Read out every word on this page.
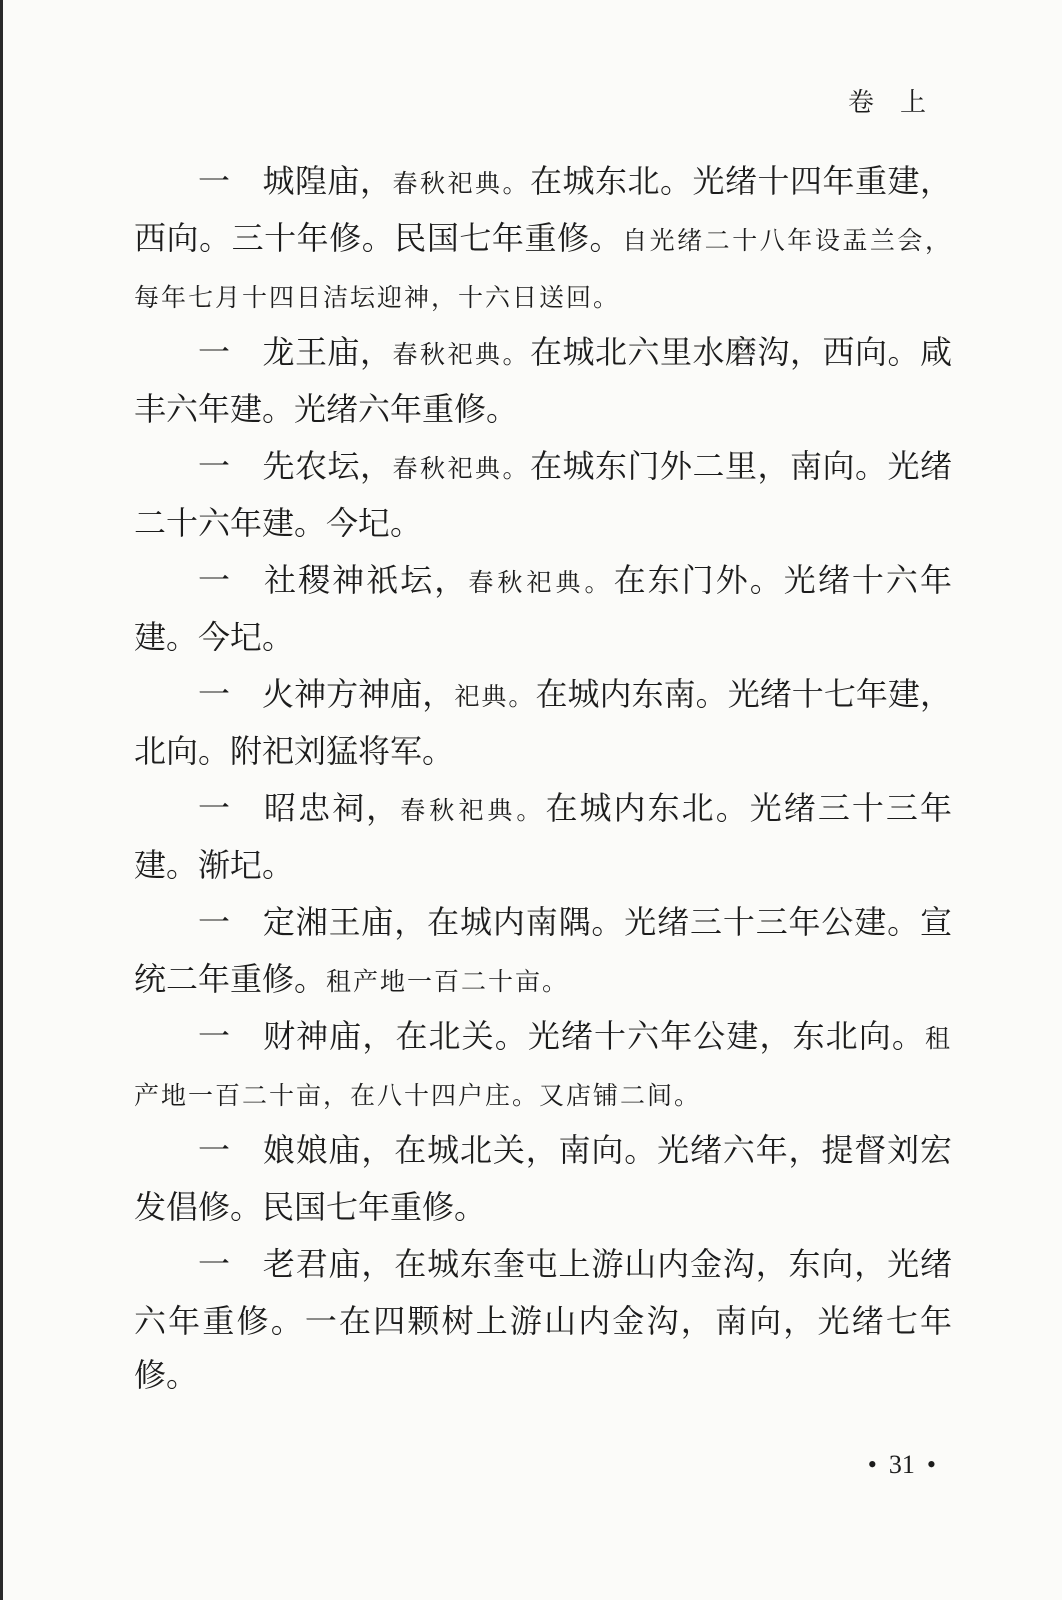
卷上

一 城隍庙，春秋祀典。在城东北。光绪十四年重建，西向。三十年修。民国七年重修。自光绪二十八年设盂兰会，每年七月十四日洁坛迎神，十六日送回。

一 龙王庙，春秋祀典。在城北六里水磨沟，西向。咸丰六年建。光绪六年重修。

一 先农坛，春秋祀典。在城东门外二里，南向。光绪二十六年建。今圮。

一 社稷神祇坛，春秋祀典。在东门外。光绪十六年建。今圮。

一 火神方神庙，祀典。在城内东南。光绪十七年建，北向。附祀刘猛将军。

一 昭忠祠，春秋祀典。在城内东北。光绪三十三年建。渐圮。

一 定湘王庙，在城内南隅。光绪三十三年公建。宣统二年重修。租产地一百二十亩。

一 财神庙，在北关。光绪十六年公建，东北向。租产地一百二十亩，在八十四户庄。又店铺二间。

一 娘娘庙，在城北关，南向。光绪六年，提督刘宏发倡修。民国七年重修。

一 老君庙，在城东奎屯上游山内金沟，东向，光绪六年重修。一在四颗树上游山内金沟，南向，光绪七年修。

• 31 •
